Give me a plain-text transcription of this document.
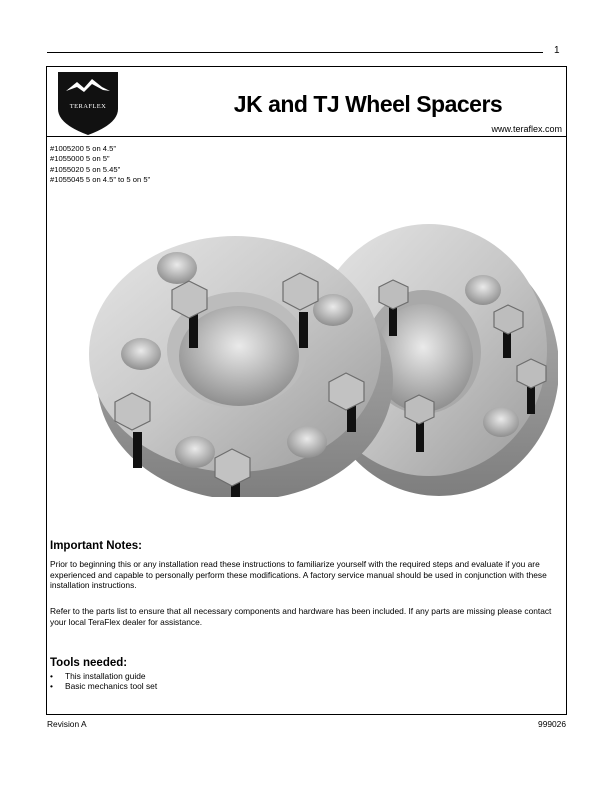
1
TERAFLEX	JK and TJ Wheel Spacers
www.teraflex.com
#1005200 5 on 4.5”
#1055000 5 on 5”
#1055020 5 on 5.45”
#1055045 5 on 4.5” to 5 on 5”
Important Notes:
Prior to beginning this or any installation read these instructions to familiarize yourself with the required steps and evaluate if you are experienced and capable to personally perform these modifications. A factory service manual should be used in conjunction with these installation instructions.
Refer to the parts list to ensure that all necessary components and hardware has been included. If any parts are missing please contact your local TeraFlex dealer for assistance.
Tools needed:
• This installation guide
• Basic mechanics tool set
Revision A	999026
